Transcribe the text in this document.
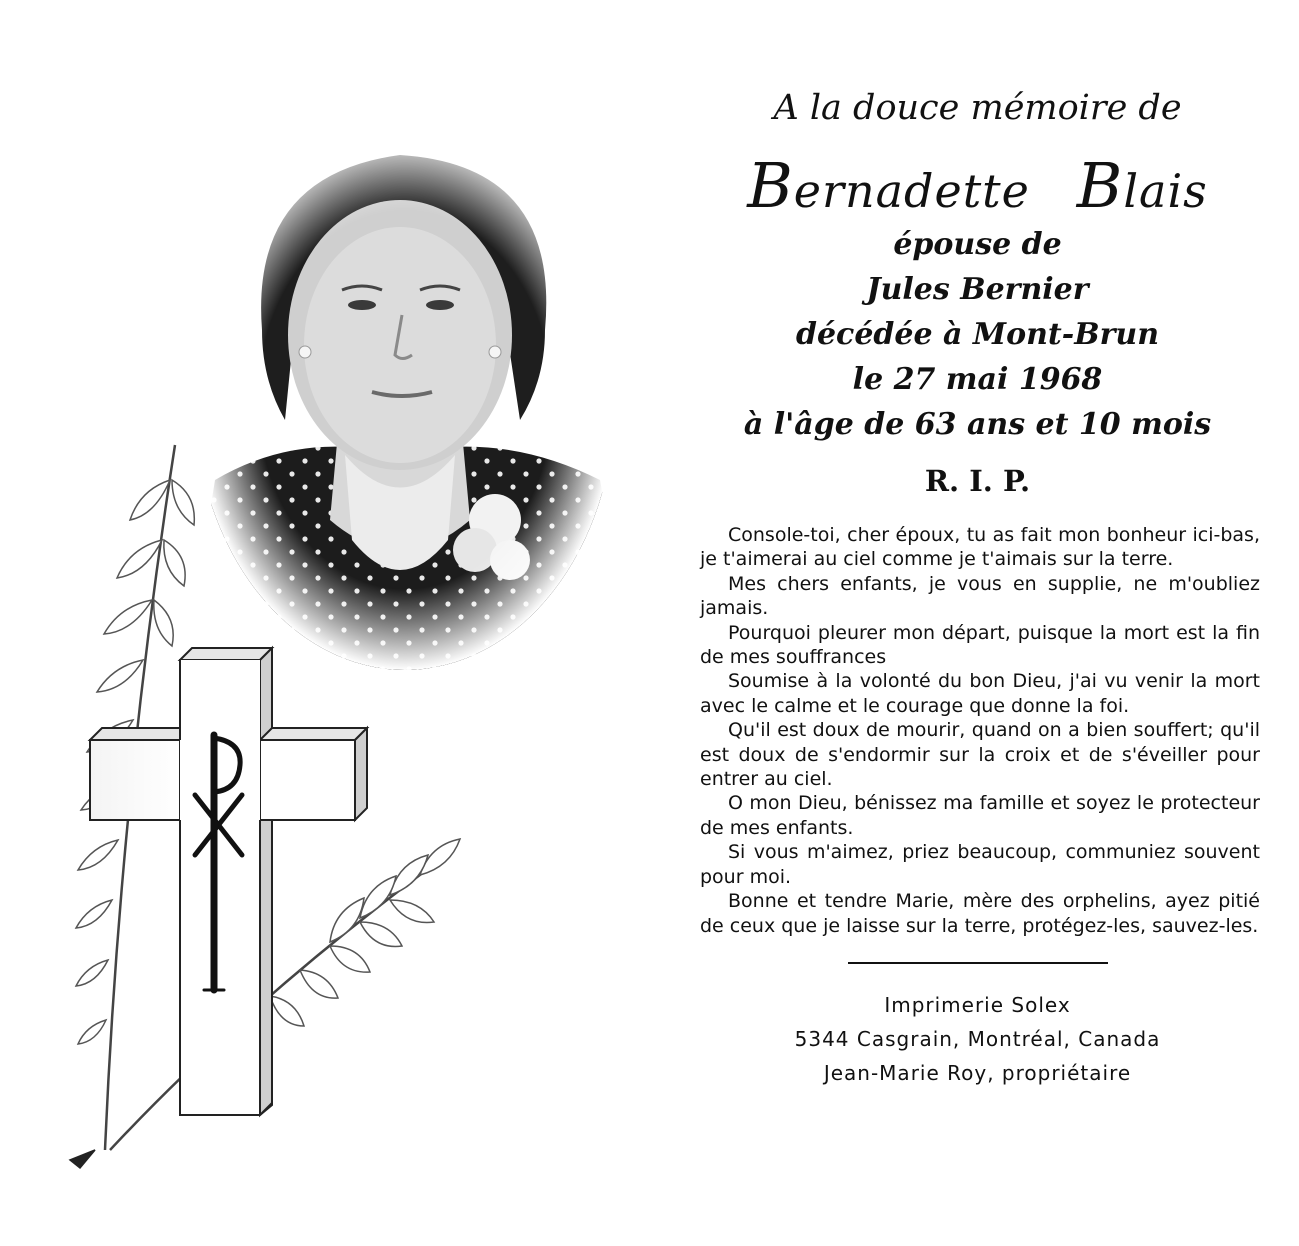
A la douce mémoire de
Bernadette Blais
épouse de
Jules Bernier
décédée à Mont-Brun
le 27 mai 1968
à l'âge de 63 ans et 10 mois
R. I. P.

Console-toi, cher époux, tu as fait mon bonheur ici-bas, je t'aimerai au ciel comme je t'aimais sur la terre.

Mes chers enfants, je vous en supplie, ne m'oubliez jamais.

Pourquoi pleurer mon départ, puisque la mort est la fin de mes souffrances

Soumise à la volonté du bon Dieu, j'ai vu venir la mort avec le calme et le courage que donne la foi.

Qu'il est doux de mourir, quand on a bien souffert; qu'il est doux de s'endormir sur la croix et de s'éveiller pour entrer au ciel.

O mon Dieu, bénissez ma famille et soyez le protecteur de mes enfants.

Si vous m'aimez, priez beaucoup, communiez souvent pour moi.

Bonne et tendre Marie, mère des orphelins, ayez pitié de ceux que je laisse sur la terre, protégez-les, sauvez-les.

Imprimerie Solex
5344 Casgrain, Montréal, Canada
Jean-Marie Roy, propriétaire
